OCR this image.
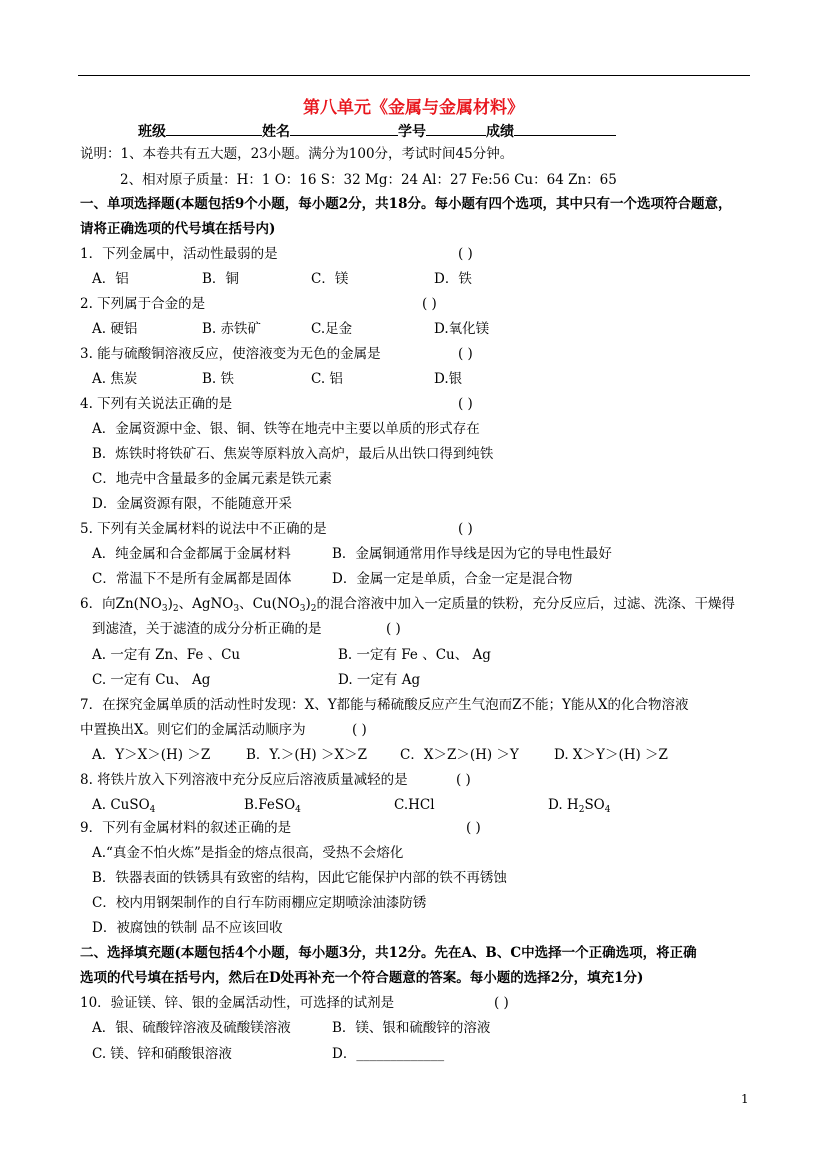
第八单元《金属与金属材料》
班级	姓名	学号	成绩
说明：1、本卷共有五大题，23小题。满分为100分，考试时间45分钟。
2、相对原子质量：H：1 O：16 S：32 Mg：24 Al：27 Fe:56 Cu：64 Zn：65
一、单项选择题(本题包括9个小题，每小题2分，共18分。每小题有四个选项，其中只有一个选项符合题意，
请将正确选项的代号填在括号内)
1．下列金属中，活动性最弱的是	( )
A．铝	B．铜	C．镁	D．铁
2. 下列属于合金的是	( )
A. 硬铝	B. 赤铁矿	C.足金	D.氧化镁
3. 能与硫酸铜溶液反应，使溶液变为无色的金属是	( )
A. 焦炭	B. 铁	C. 铝	D.银
4. 下列有关说法正确的是	( )
A．金属资源中金、银、铜、铁等在地壳中主要以单质的形式存在
B．炼铁时将铁矿石、焦炭等原料放入高炉，最后从出铁口得到纯铁
C．地壳中含量最多的金属元素是铁元素
D．金属资源有限，不能随意开采
5. 下列有关金属材料的说法中不正确的是	( )
A．纯金属和合金都属于金属材料	B．金属铜通常用作导线是因为它的导电性最好
C．常温下不是所有金属都是固体	D．金属一定是单质，合金一定是混合物
6．向$Zn(NO_3)_2$、AgNO$_3$、$Cu(NO_3)_2$的混合溶液中加入一定质量的铁粉，充分反应后，过滤、洗涤、干燥得
到滤渣，关于滤渣的成分分析正确的是	( )
A. 一定有 Zn、Fe 、Cu	B. 一定有 Fe 、Cu、 Ag
C. 一定有 Cu、 Ag	D. 一定有 Ag
7．在探究金属单质的活动性时发现：X、Y都能与稀硫酸反应产生气泡而Z不能；Y能从X的化合物溶液
中置换出X。则它们的金属活动顺序为	( )
A．Y＞X＞(H) ＞Z	B．Y.＞(H) ＞X＞Z C．X＞Z＞(H) ＞Y	D. X＞Y＞(H) ＞Z
8. 将铁片放入下列溶液中充分反应后溶液质量减轻的是	( )
A. CuSO$_4$	B.FeSO$_4$	C.HCl	D. $H_2SO_4$
9．下列有金属材料的叙述正确的是	( )
A.“真金不怕火炼”是指金的熔点很高，受热不会熔化
B．铁器表面的铁锈具有致密的结构，因此它能保护内部的铁不再锈蚀
C．校内用钢架制作的自行车防雨棚应定期喷涂油漆防锈
D．被腐蚀的铁制 品不应该回收
二、选择填充题(本题包括4个小题，每小题3分，共12分。先在A、B、C中选择一个正确选项，将正确
选项的代号填在括号内，然后在D处再补充一个符合题意的答案。每小题的选择2分，填充1分)
10．验证镁、锌、银的金属活动性，可选择的试剂是	( )
A．银、硫酸锌溶液及硫酸镁溶液	B．镁、银和硫酸锌的溶液
C. 镁、锌和硝酸银溶液	D．_____________
1
